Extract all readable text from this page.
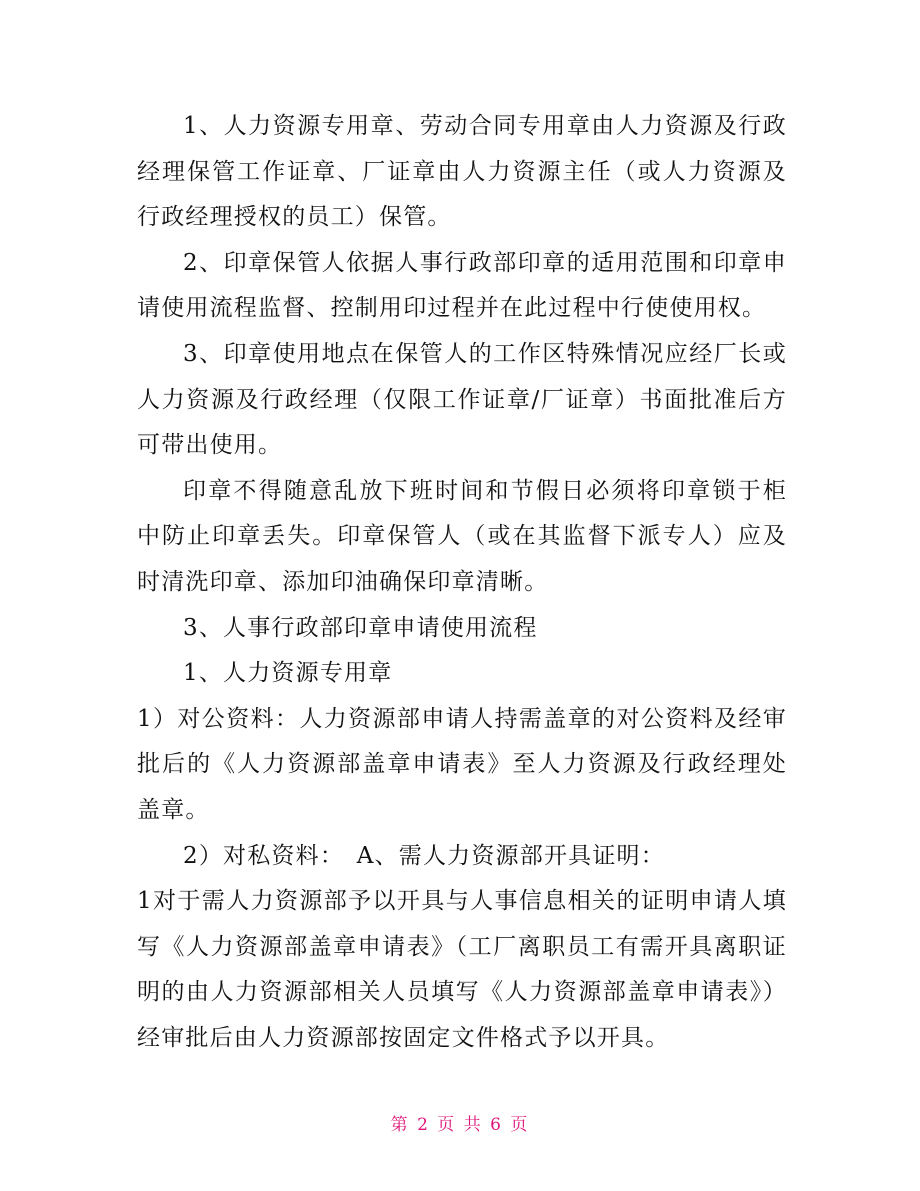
1、人力资源专用章、劳动合同专用章由人力资源及行政经理保管工作证章、厂证章由人力资源主任（或人力资源及行政经理授权的员工）保管。

2、印章保管人依据人事行政部印章的适用范围和印章申请使用流程监督、控制用印过程并在此过程中行使使用权。

3、印章使用地点在保管人的工作区特殊情况应经厂长或人力资源及行政经理（仅限工作证章/厂证章）书面批准后方可带出使用。

印章不得随意乱放下班时间和节假日必须将印章锁于柜中防止印章丢失。印章保管人（或在其监督下派专人）应及时清洗印章、添加印油确保印章清晰。

3、人事行政部印章申请使用流程

1、人力资源专用章

1）对公资料：人力资源部申请人持需盖章的对公资料及经审批后的《人力资源部盖章申请表》至人力资源及行政经理处盖章。

2）对私资料：　A、需人力资源部开具证明：

1对于需人力资源部予以开具与人事信息相关的证明申请人填写《人力资源部盖章申请表》（工厂离职员工有需开具离职证明的由人力资源部相关人员填写《人力资源部盖章申请表》）经审批后由人力资源部按固定文件格式予以开具。

第 2 页 共 6 页
